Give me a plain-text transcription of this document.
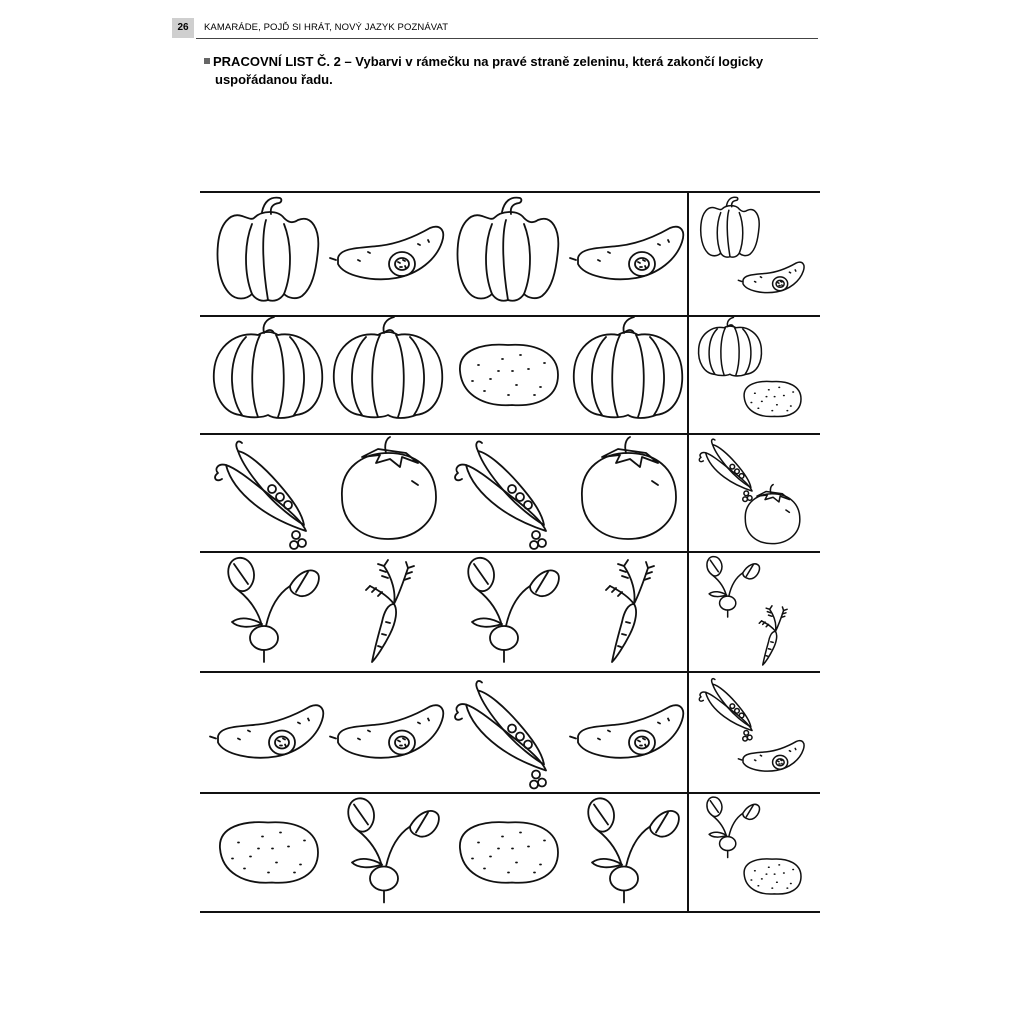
26	KAMARÁDE, POJĎ SI HRÁT, NOVÝ JAZYK POZNÁVAT
PRACOVNÍ LIST Č. 2 – Vybarvi v rámečku na pravé straně zeleninu, která zakončí logicky
uspořádanou řadu.
